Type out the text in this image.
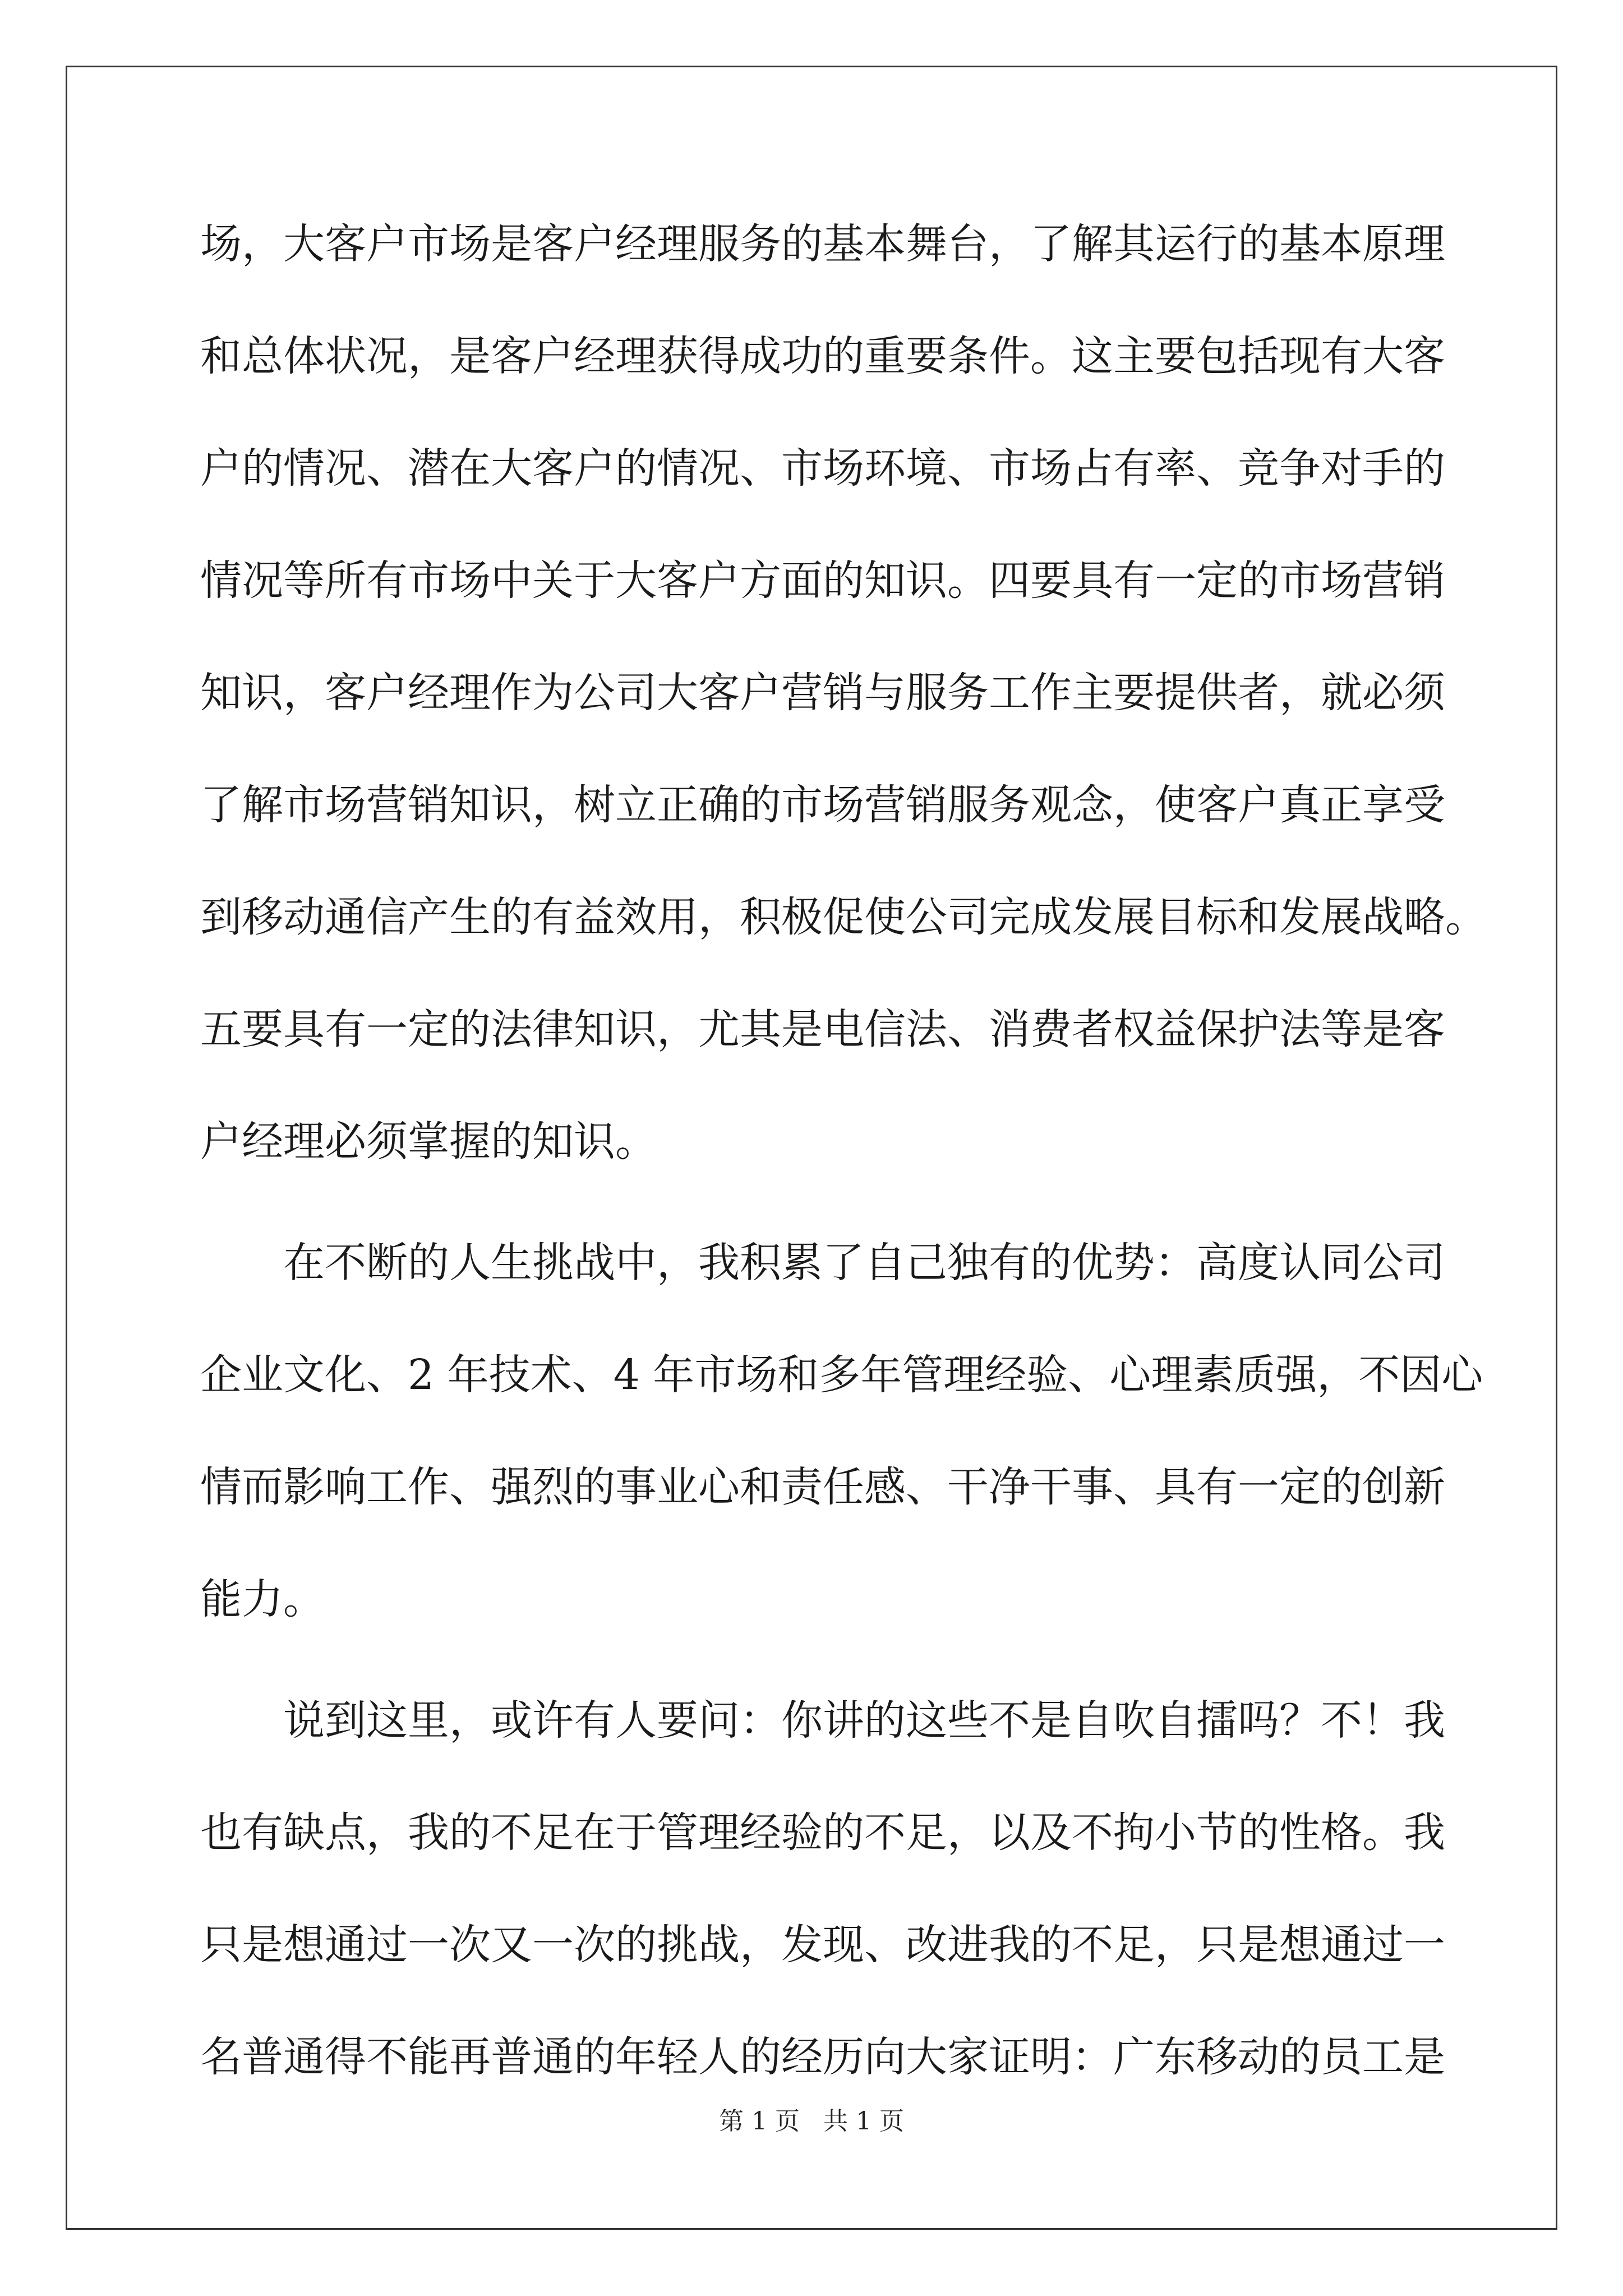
场，大客户市场是客户经理服务的基本舞台，了解其运行的基本原理
和总体状况，是客户经理获得成功的重要条件。这主要包括现有大客
户的情况、潜在大客户的情况、市场环境、市场占有率、竞争对手的
情况等所有市场中关于大客户方面的知识。四要具有一定的市场营销
知识，客户经理作为公司大客户营销与服务工作主要提供者，就必须
了解市场营销知识，树立正确的市场营销服务观念，使客户真正享受
到移动通信产生的有益效用，积极促使公司完成发展目标和发展战略。
五要具有一定的法律知识，尤其是电信法、消费者权益保护法等是客
户经理必须掌握的知识。
在不断的人生挑战中，我积累了自己独有的优势：高度认同公司
企业文化、2 年技术、4 年市场和多年管理经验、心理素质强，不因心
情而影响工作、强烈的事业心和责任感、干净干事、具有一定的创新
能力。
说到这里，或许有人要问：你讲的这些不是自吹自擂吗？不！我
也有缺点，我的不足在于管理经验的不足，以及不拘小节的性格。我
只是想通过一次又一次的挑战，发现、改进我的不足，只是想通过一
名普通得不能再普通的年轻人的经历向大家证明：广东移动的员工是
第 1 页   共 1 页
